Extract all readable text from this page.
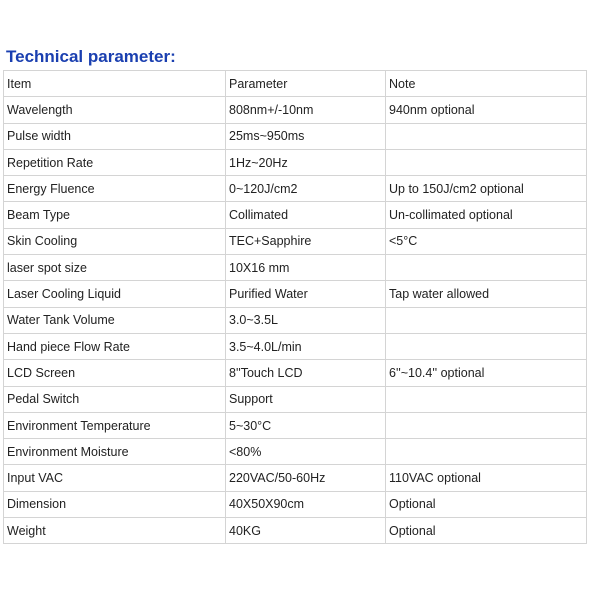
Technical parameter:
Item	Parameter	Note
Wavelength	808nm+/-10nm	940nm optional
Pulse width	25ms~950ms	
Repetition Rate	1Hz~20Hz	
Energy Fluence	0~120J/cm2	Up to 150J/cm2 optional
Beam Type	Collimated	Un-collimated optional
Skin Cooling	TEC+Sapphire	<5°C
laser spot size	10X16 mm	
Laser Cooling Liquid	Purified Water	Tap water allowed
Water Tank Volume	3.0~3.5L	
Hand piece Flow Rate	3.5~4.0L/min	
LCD Screen	8''Touch LCD	6''~10.4'' optional
Pedal Switch	Support	
Environment Temperature	5~30°C	
Environment Moisture	<80%	
Input VAC	220VAC/50-60Hz	110VAC optional
Dimension	40X50X90cm	Optional
Weight	40KG	Optional
